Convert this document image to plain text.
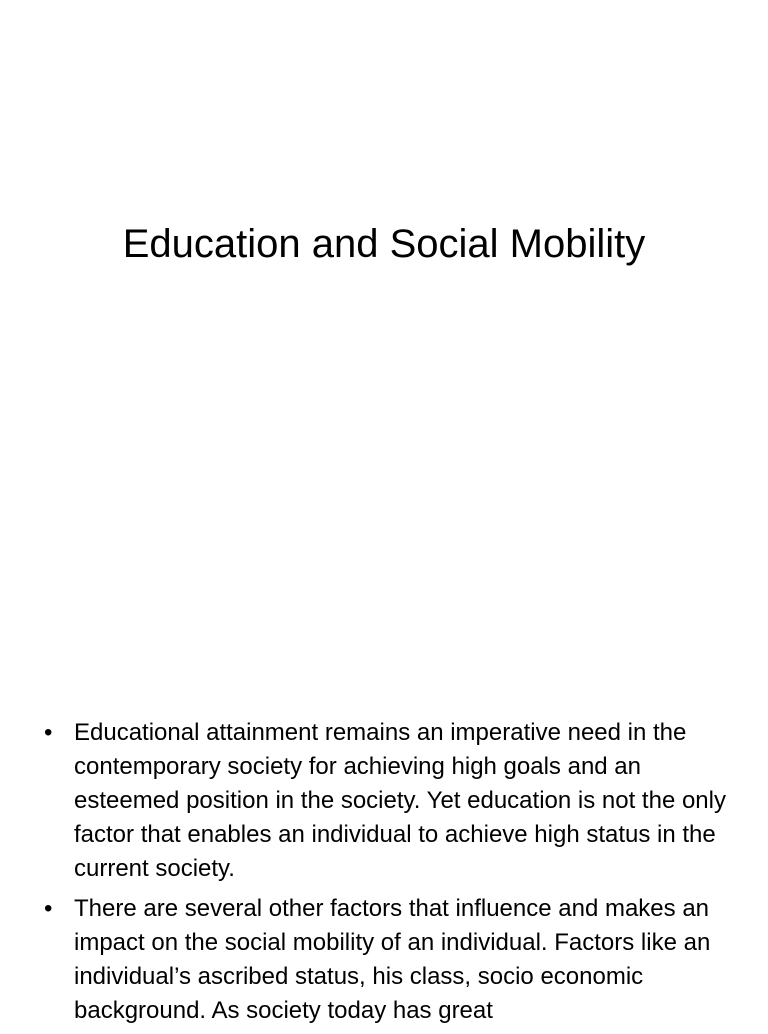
Education and Social Mobility
• Educational attainment remains an imperative need in the contemporary society for achieving high goals and an esteemed position in the society. Yet education is not the only factor that enables an individual to achieve high status in the current society.
• There are several other factors that influence and makes an impact on the social mobility of an individual. Factors like an individual’s ascribed status, his class, socio economic background. As society today has great
